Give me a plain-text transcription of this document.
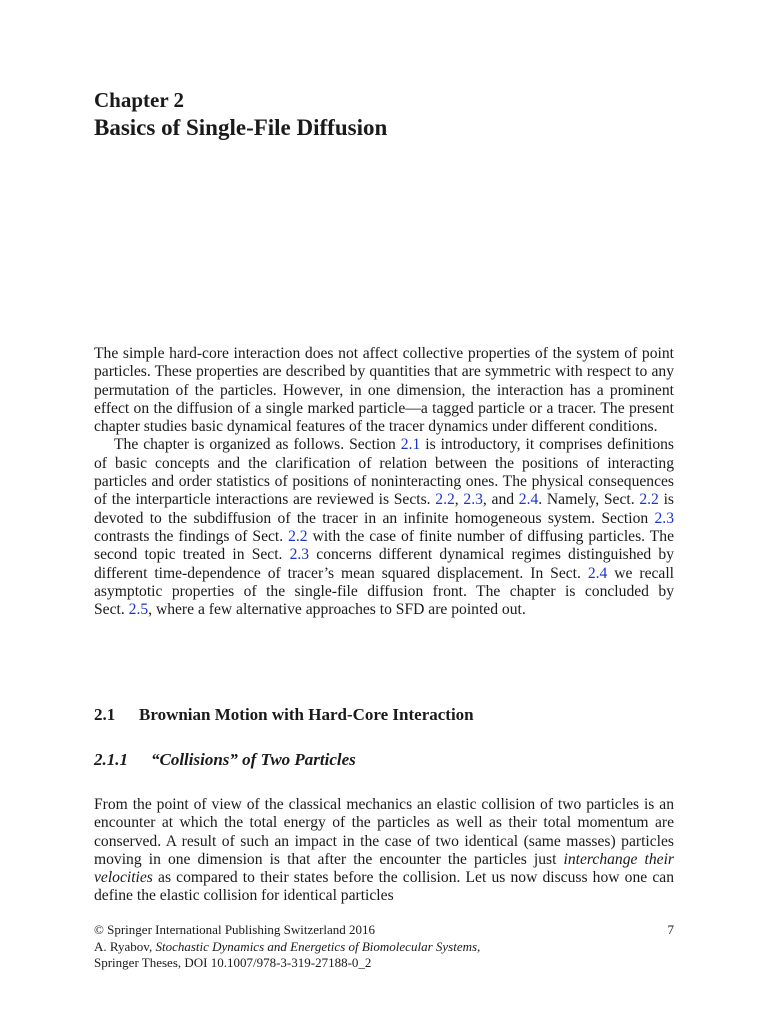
Chapter 2
Basics of Single-File Diffusion

The simple hard-core interaction does not affect collective properties of the system of point particles. These properties are described by quantities that are symmetric with respect to any permutation of the particles. However, in one dimension, the interaction has a prominent effect on the diffusion of a single marked particle—a tagged particle or a tracer. The present chapter studies basic dynamical features of the tracer dynamics under different conditions.

The chapter is organized as follows. Section 2.1 is introductory, it comprises definitions of basic concepts and the clarification of relation between the positions of interacting particles and order statistics of positions of noninteracting ones. The physical consequences of the interparticle interactions are reviewed is Sects. 2.2, 2.3, and 2.4. Namely, Sect. 2.2 is devoted to the subdiffusion of the tracer in an infinite homogeneous system. Section 2.3 contrasts the findings of Sect. 2.2 with the case of finite number of diffusing particles. The second topic treated in Sect. 2.3 concerns different dynamical regimes distinguished by different time-dependence of tracer’s mean squared displacement. In Sect. 2.4 we recall asymptotic properties of the single-file diffusion front. The chapter is concluded by Sect. 2.5, where a few alternative approaches to SFD are pointed out.

2.1 Brownian Motion with Hard-Core Interaction
2.1.1 “Collisions” of Two Particles
From the point of view of the classical mechanics an elastic collision of two particles is an encounter at which the total energy of the particles as well as their total momentum are conserved. A result of such an impact in the case of two identical (same masses) particles moving in one dimension is that after the encounter the particles just interchange their velocities as compared to their states before the collision. Let us now discuss how one can define the elastic collision for identical particles
© Springer International Publishing Switzerland 2016
A. Ryabov, Stochastic Dynamics and Energetics of Biomolecular Systems,
Springer Theses, DOI 10.1007/978-3-319-27188-0_2
7
